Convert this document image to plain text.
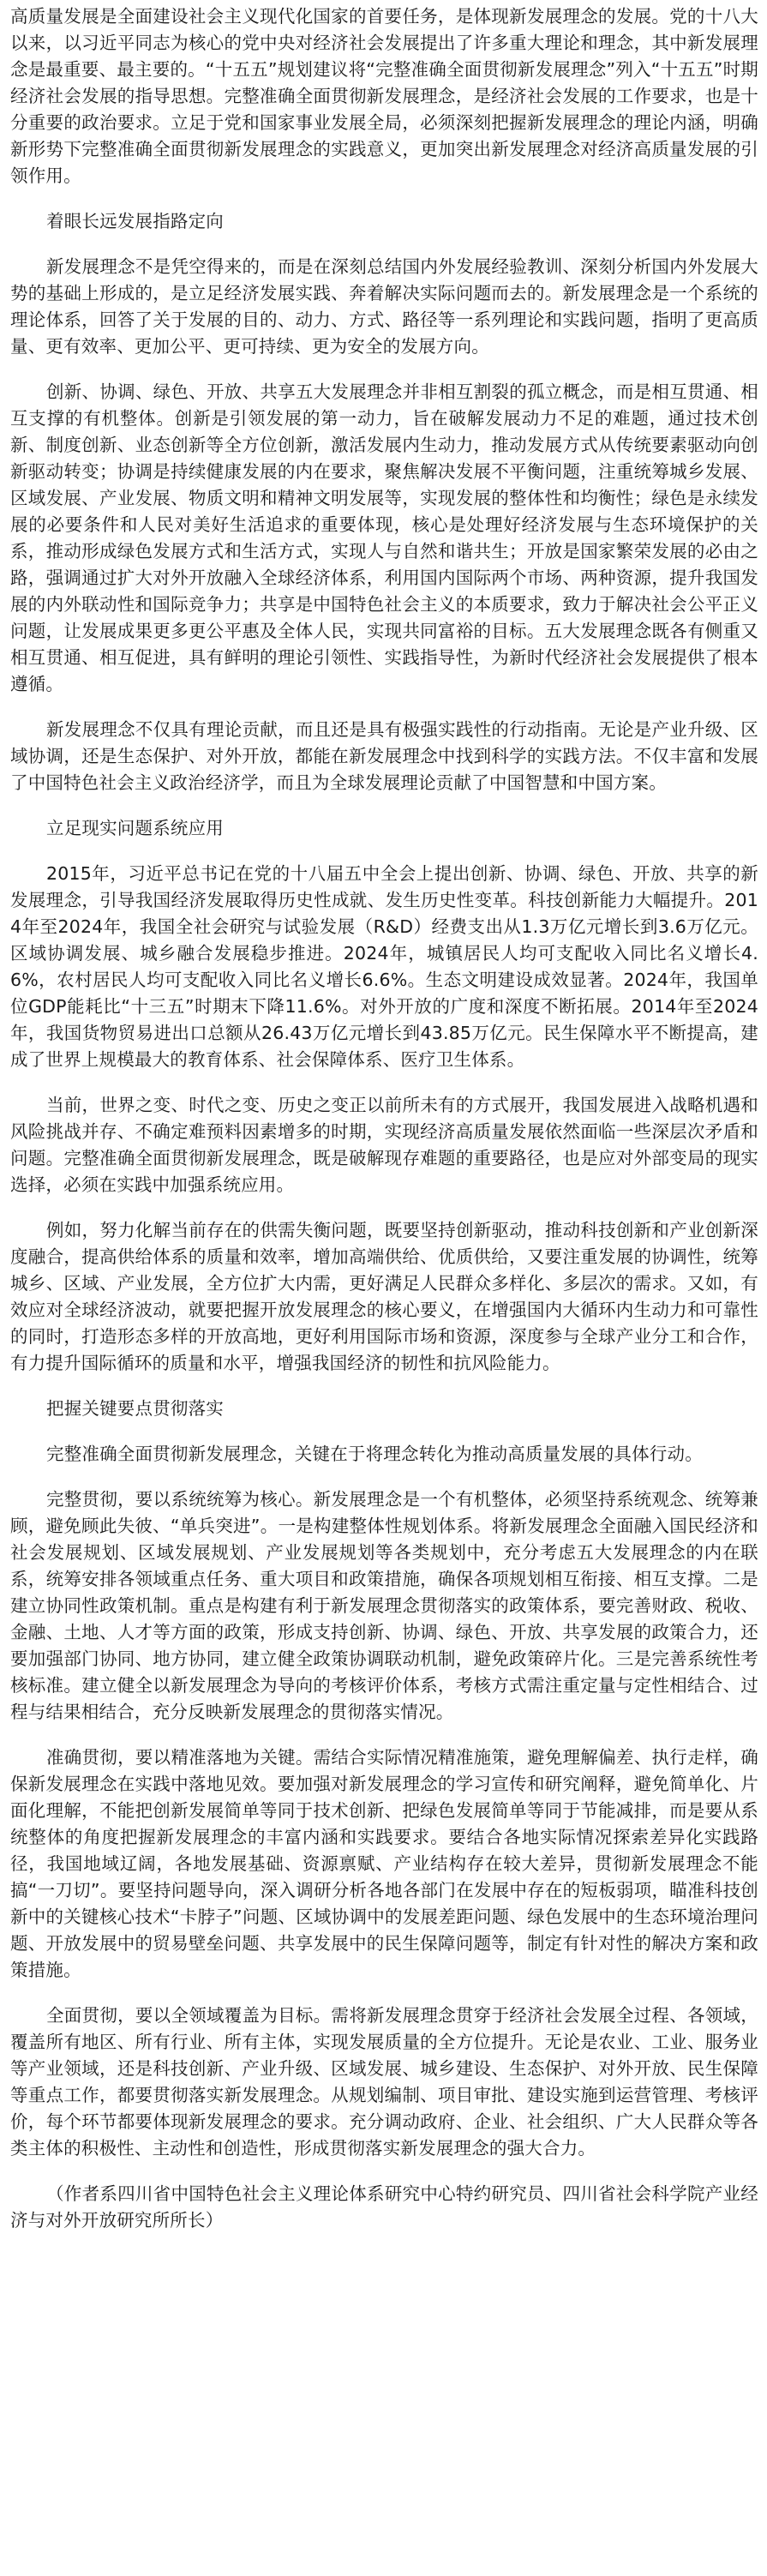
高质量发展是全面建设社会主义现代化国家的首要任务，是体现新发展理念的发展。党的十八大以来，以习近平同志为核心的党中央对经济社会发展提出了许多重大理论和理念，其中新发展理念是最重要、最主要的。“十五五”规划建议将“完整准确全面贯彻新发展理念”列入“十五五”时期经济社会发展的指导思想。完整准确全面贯彻新发展理念，是经济社会发展的工作要求，也是十分重要的政治要求。立足于党和国家事业发展全局，必须深刻把握新发展理念的理论内涵，明确新形势下完整准确全面贯彻新发展理念的实践意义，更加突出新发展理念对经济高质量发展的引领作用。

着眼长远发展指路定向

新发展理念不是凭空得来的，而是在深刻总结国内外发展经验教训、深刻分析国内外发展大势的基础上形成的，是立足经济发展实践、奔着解决实际问题而去的。新发展理念是一个系统的理论体系，回答了关于发展的目的、动力、方式、路径等一系列理论和实践问题，指明了更高质量、更有效率、更加公平、更可持续、更为安全的发展方向。

创新、协调、绿色、开放、共享五大发展理念并非相互割裂的孤立概念，而是相互贯通、相互支撑的有机整体。创新是引领发展的第一动力，旨在破解发展动力不足的难题，通过技术创新、制度创新、业态创新等全方位创新，激活发展内生动力，推动发展方式从传统要素驱动向创新驱动转变；协调是持续健康发展的内在要求，聚焦解决发展不平衡问题，注重统筹城乡发展、区域发展、产业发展、物质文明和精神文明发展等，实现发展的整体性和均衡性；绿色是永续发展的必要条件和人民对美好生活追求的重要体现，核心是处理好经济发展与生态环境保护的关系，推动形成绿色发展方式和生活方式，实现人与自然和谐共生；开放是国家繁荣发展的必由之路，强调通过扩大对外开放融入全球经济体系，利用国内国际两个市场、两种资源，提升我国发展的内外联动性和国际竞争力；共享是中国特色社会主义的本质要求，致力于解决社会公平正义问题，让发展成果更多更公平惠及全体人民，实现共同富裕的目标。五大发展理念既各有侧重又相互贯通、相互促进，具有鲜明的理论引领性、实践指导性，为新时代经济社会发展提供了根本遵循。

新发展理念不仅具有理论贡献，而且还是具有极强实践性的行动指南。无论是产业升级、区域协调，还是生态保护、对外开放，都能在新发展理念中找到科学的实践方法。不仅丰富和发展了中国特色社会主义政治经济学，而且为全球发展理论贡献了中国智慧和中国方案。

立足现实问题系统应用

2015年，习近平总书记在党的十八届五中全会上提出创新、协调、绿色、开放、共享的新发展理念，引导我国经济发展取得历史性成就、发生历史性变革。科技创新能力大幅提升。2014年至2024年，我国全社会研究与试验发展（R&D）经费支出从1.3万亿元增长到3.6万亿元。区域协调发展、城乡融合发展稳步推进。2024年，城镇居民人均可支配收入同比名义增长4.6%，农村居民人均可支配收入同比名义增长6.6%。生态文明建设成效显著。2024年，我国单位GDP能耗比“十三五”时期末下降11.6%。对外开放的广度和深度不断拓展。2014年至2024年，我国货物贸易进出口总额从26.43万亿元增长到43.85万亿元。民生保障水平不断提高，建成了世界上规模最大的教育体系、社会保障体系、医疗卫生体系。

当前，世界之变、时代之变、历史之变正以前所未有的方式展开，我国发展进入战略机遇和风险挑战并存、不确定难预料因素增多的时期，实现经济高质量发展依然面临一些深层次矛盾和问题。完整准确全面贯彻新发展理念，既是破解现存难题的重要路径，也是应对外部变局的现实选择，必须在实践中加强系统应用。

例如，努力化解当前存在的供需失衡问题，既要坚持创新驱动，推动科技创新和产业创新深度融合，提高供给体系的质量和效率，增加高端供给、优质供给，又要注重发展的协调性，统筹城乡、区域、产业发展，全方位扩大内需，更好满足人民群众多样化、多层次的需求。又如，有效应对全球经济波动，就要把握开放发展理念的核心要义，在增强国内大循环内生动力和可靠性的同时，打造形态多样的开放高地，更好利用国际市场和资源，深度参与全球产业分工和合作，有力提升国际循环的质量和水平，增强我国经济的韧性和抗风险能力。

把握关键要点贯彻落实

完整准确全面贯彻新发展理念，关键在于将理念转化为推动高质量发展的具体行动。

完整贯彻，要以系统统筹为核心。新发展理念是一个有机整体，必须坚持系统观念、统筹兼顾，避免顾此失彼、“单兵突进”。一是构建整体性规划体系。将新发展理念全面融入国民经济和社会发展规划、区域发展规划、产业发展规划等各类规划中，充分考虑五大发展理念的内在联系，统筹安排各领域重点任务、重大项目和政策措施，确保各项规划相互衔接、相互支撑。二是建立协同性政策机制。重点是构建有利于新发展理念贯彻落实的政策体系，要完善财政、税收、金融、土地、人才等方面的政策，形成支持创新、协调、绿色、开放、共享发展的政策合力，还要加强部门协同、地方协同，建立健全政策协调联动机制，避免政策碎片化。三是完善系统性考核标准。建立健全以新发展理念为导向的考核评价体系，考核方式需注重定量与定性相结合、过程与结果相结合，充分反映新发展理念的贯彻落实情况。

准确贯彻，要以精准落地为关键。需结合实际情况精准施策，避免理解偏差、执行走样，确保新发展理念在实践中落地见效。要加强对新发展理念的学习宣传和研究阐释，避免简单化、片面化理解，不能把创新发展简单等同于技术创新、把绿色发展简单等同于节能减排，而是要从系统整体的角度把握新发展理念的丰富内涵和实践要求。要结合各地实际情况探索差异化实践路径，我国地域辽阔，各地发展基础、资源禀赋、产业结构存在较大差异，贯彻新发展理念不能搞“一刀切”。要坚持问题导向，深入调研分析各地各部门在发展中存在的短板弱项，瞄准科技创新中的关键核心技术“卡脖子”问题、区域协调中的发展差距问题、绿色发展中的生态环境治理问题、开放发展中的贸易壁垒问题、共享发展中的民生保障问题等，制定有针对性的解决方案和政策措施。

全面贯彻，要以全领域覆盖为目标。需将新发展理念贯穿于经济社会发展全过程、各领域，覆盖所有地区、所有行业、所有主体，实现发展质量的全方位提升。无论是农业、工业、服务业等产业领域，还是科技创新、产业升级、区域发展、城乡建设、生态保护、对外开放、民生保障等重点工作，都要贯彻落实新发展理念。从规划编制、项目审批、建设实施到运营管理、考核评价，每个环节都要体现新发展理念的要求。充分调动政府、企业、社会组织、广大人民群众等各类主体的积极性、主动性和创造性，形成贯彻落实新发展理念的强大合力。

（作者系四川省中国特色社会主义理论体系研究中心特约研究员、四川省社会科学院产业经济与对外开放研究所所长）
